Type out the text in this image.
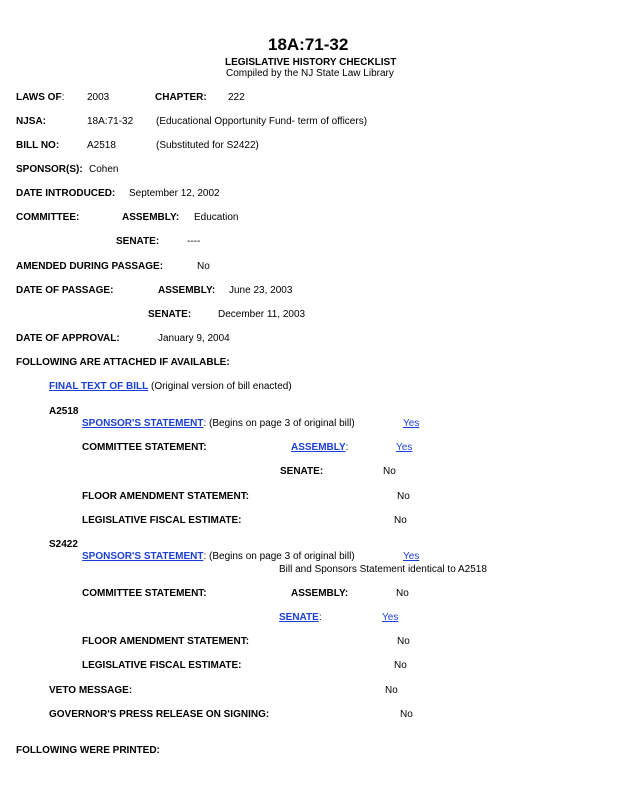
18A:71-32
LEGISLATIVE HISTORY CHECKLIST
Compiled by the NJ State Law Library
LAWS OF: 2003	CHAPTER: 222
NJSA:	18A:71-32 (Educational Opportunity Fund- term of officers)
BILL NO:	A2518	(Substituted for S2422)
SPONSOR(S): Cohen
DATE INTRODUCED: September 12, 2002
COMMITTEE:	ASSEMBLY: Education
SENATE:	----
AMENDED DURING PASSAGE:	No
DATE OF PASSAGE:	ASSEMBLY: June 23, 2003
SENATE:	December 11, 2003
DATE OF APPROVAL:	January 9, 2004
FOLLOWING ARE ATTACHED IF AVAILABLE:
FINAL TEXT OF BILL (Original version of bill enacted)
A2518
SPONSOR'S STATEMENT: (Begins on page 3 of original bill)	Yes
COMMITTEE STATEMENT:	ASSEMBLY:	Yes
SENATE:	No
FLOOR AMENDMENT STATEMENT:	No
LEGISLATIVE FISCAL ESTIMATE:	No
S2422
SPONSOR'S STATEMENT: (Begins on page 3 of original bill)	Yes
Bill and Sponsors Statement identical to A2518
COMMITTEE STATEMENT:	ASSEMBLY:	No
SENATE:	Yes
FLOOR AMENDMENT STATEMENT:	No
LEGISLATIVE FISCAL ESTIMATE:	No
VETO MESSAGE:	No
GOVERNOR'S PRESS RELEASE ON SIGNING:	No
FOLLOWING WERE PRINTED:
